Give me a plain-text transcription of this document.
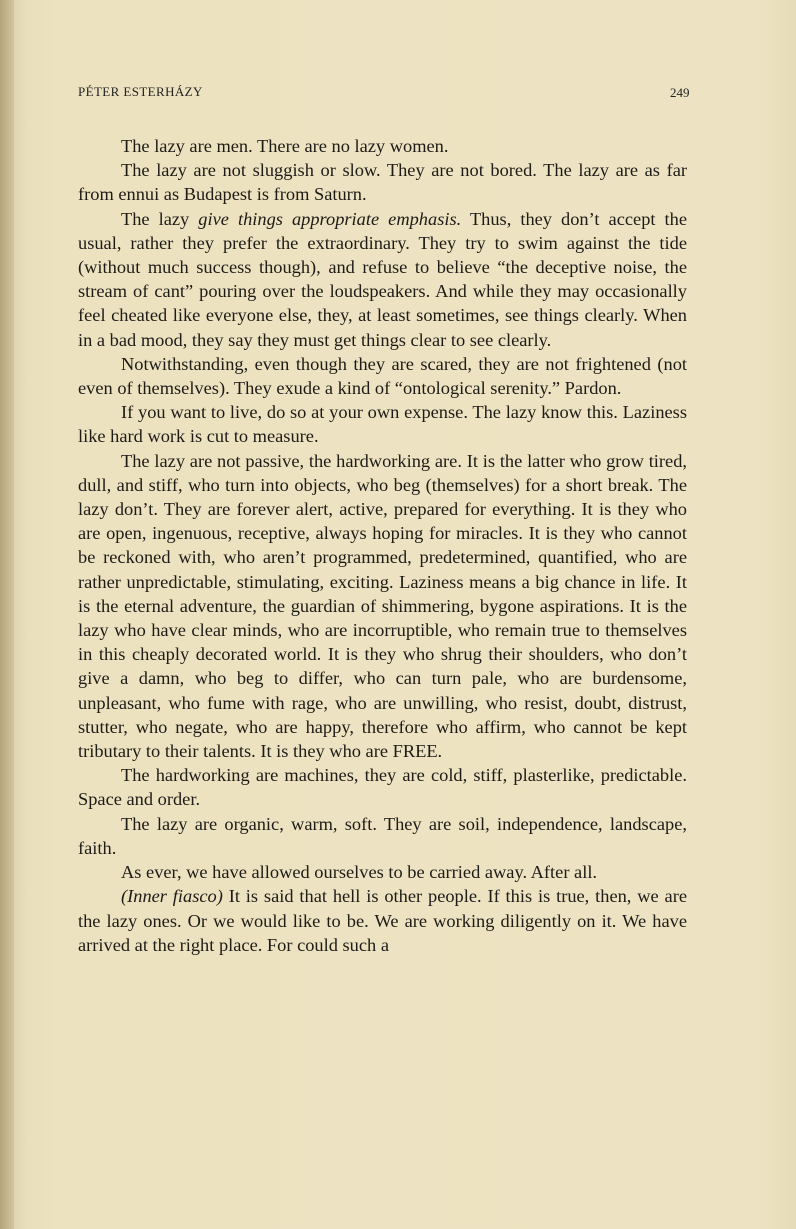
PÉTER ESTERHÁZY	249

The lazy are men. There are no lazy women.

The lazy are not sluggish or slow. They are not bored. The lazy are as far from ennui as Budapest is from Saturn.

The lazy give things appropriate emphasis. Thus, they don’t accept the usual, rather they prefer the extraordinary. They try to swim against the tide (without much success though), and refuse to believe “the deceptive noise, the stream of cant” pouring over the loudspeakers. And while they may occasionally feel cheated like everyone else, they, at least sometimes, see things clearly. When in a bad mood, they say they must get things clear to see clearly.

Notwithstanding, even though they are scared, they are not frightened (not even of themselves). They exude a kind of “ontological serenity.” Pardon.

If you want to live, do so at your own expense. The lazy know this. Laziness like hard work is cut to measure.

The lazy are not passive, the hardworking are. It is the latter who grow tired, dull, and stiff, who turn into objects, who beg (themselves) for a short break. The lazy don’t. They are forever alert, active, prepared for everything. It is they who are open, ingenuous, receptive, always hoping for miracles. It is they who cannot be reckoned with, who aren’t programmed, predetermined, quantified, who are rather unpredictable, stimulating, exciting. Laziness means a big chance in life. It is the eternal adventure, the guardian of shimmering, bygone aspirations. It is the lazy who have clear minds, who are incorruptible, who remain true to themselves in this cheaply decorated world. It is they who shrug their shoulders, who don’t give a damn, who beg to differ, who can turn pale, who are burdensome, unpleasant, who fume with rage, who are unwilling, who resist, doubt, distrust, stutter, who negate, who are happy, therefore who affirm, who cannot be kept tributary to their talents. It is they who are FREE.

The hardworking are machines, they are cold, stiff, plasterlike, predictable. Space and order.

The lazy are organic, warm, soft. They are soil, independence, landscape, faith.

As ever, we have allowed ourselves to be carried away. After all.

(Inner fiasco) It is said that hell is other people. If this is true, then, we are the lazy ones. Or we would like to be. We are working diligently on it. We have arrived at the right place. For could such a
